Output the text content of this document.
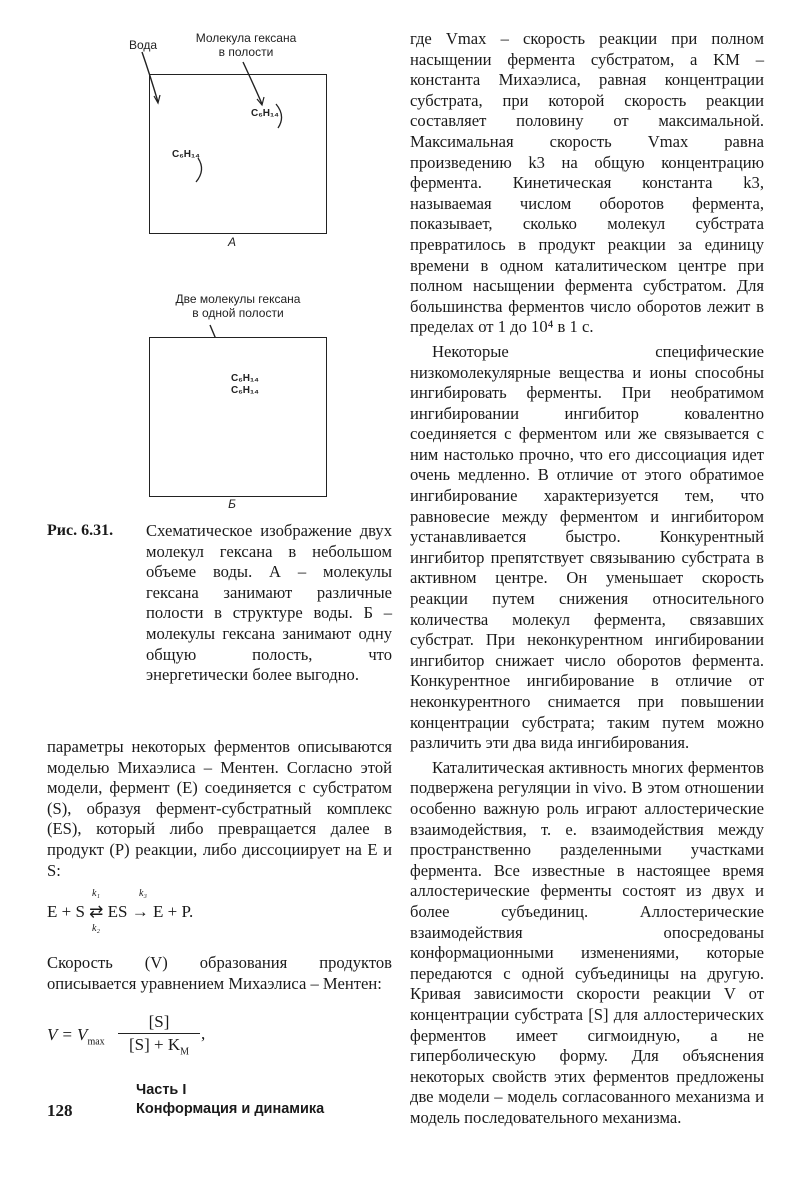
Вода	Молекула гексана
в полости
C₆H₁₄
C₆H₁₄
А
Две молекулы гексана
в одной полости
C₆H₁₄
C₆H₁₄
Б
Рис. 6.31. Схематическое изображение двух молекул гексана в небольшом объеме воды. А – молекулы гексана занимают различные полости в структуре воды. Б – молекулы гексана занимают одну общую полость, что энергетически более выгодно.

параметры некоторых ферментов описываются моделью Михаэлиса – Ментен. Согласно этой модели, фермент (E) соединяется с субстратом (S), образуя фермент-субстратный комплекс (ES), который либо превращается далее в продукт (P) реакции, либо диссоциирует на E и S:

k₁	k₃
E + S ⇄ ES → E + P.
k₂

Скорость (V) образования продуктов описывается уравнением Михаэлиса – Ментен:

$V = V_{max}$
[S]
$[S] + K_M$
,

где Vmax – скорость реакции при полном насыщении фермента субстратом, а KM – константа Михаэлиса, равная концентрации субстрата, при которой скорость реакции составляет половину от максимальной. Максимальная скорость Vmax равна произведению k3 на общую концентрацию фермента. Кинетическая константа k3, называемая числом оборотов фермента, показывает, сколько молекул субстрата превратилось в продукт реакции за единицу времени в одном каталитическом центре при полном насыщении фермента субстратом. Для большинства ферментов число оборотов лежит в пределах от 1 до 10⁴ в 1 с.

Некоторые специфические низкомолекулярные вещества и ионы способны ингибировать ферменты. При необратимом ингибировании ингибитор ковалентно соединяется с ферментом или же связывается с ним настолько прочно, что его диссоциация идет очень медленно. В отличие от этого обратимое ингибирование характеризуется тем, что равновесие между ферментом и ингибитором устанавливается быстро. Конкурентный ингибитор препятствует связыванию субстрата в активном центре. Он уменьшает скорость реакции путем снижения относительного количества молекул фермента, связавших субстрат. При неконкурентном ингибировании ингибитор снижает число оборотов фермента. Конкурентное ингибирование в отличие от неконкурентного снимается при повышении концентрации субстрата; таким путем можно различить эти два вида ингибирования.

Каталитическая активность многих ферментов подвержена регуляции in vivo. В этом отношении особенно важную роль играют аллостерические взаимодействия, т. е. взаимодействия между пространственно разделенными участками фермента. Все известные в настоящее время аллостерические ферменты состоят из двух и более субъединиц. Аллостерические взаимодействия опосредованы конформационными изменениями, которые передаются с одной субъединицы на другую. Кривая зависимости скорости реакции V от концентрации субстрата [S] для аллостерических ферментов имеет сигмоидную, а не гиперболическую форму. Для объяснения некоторых свойств этих ферментов предложены две модели – модель согласованного механизма и модель последовательного механизма.

Часть I
Конформация и динамика
128
